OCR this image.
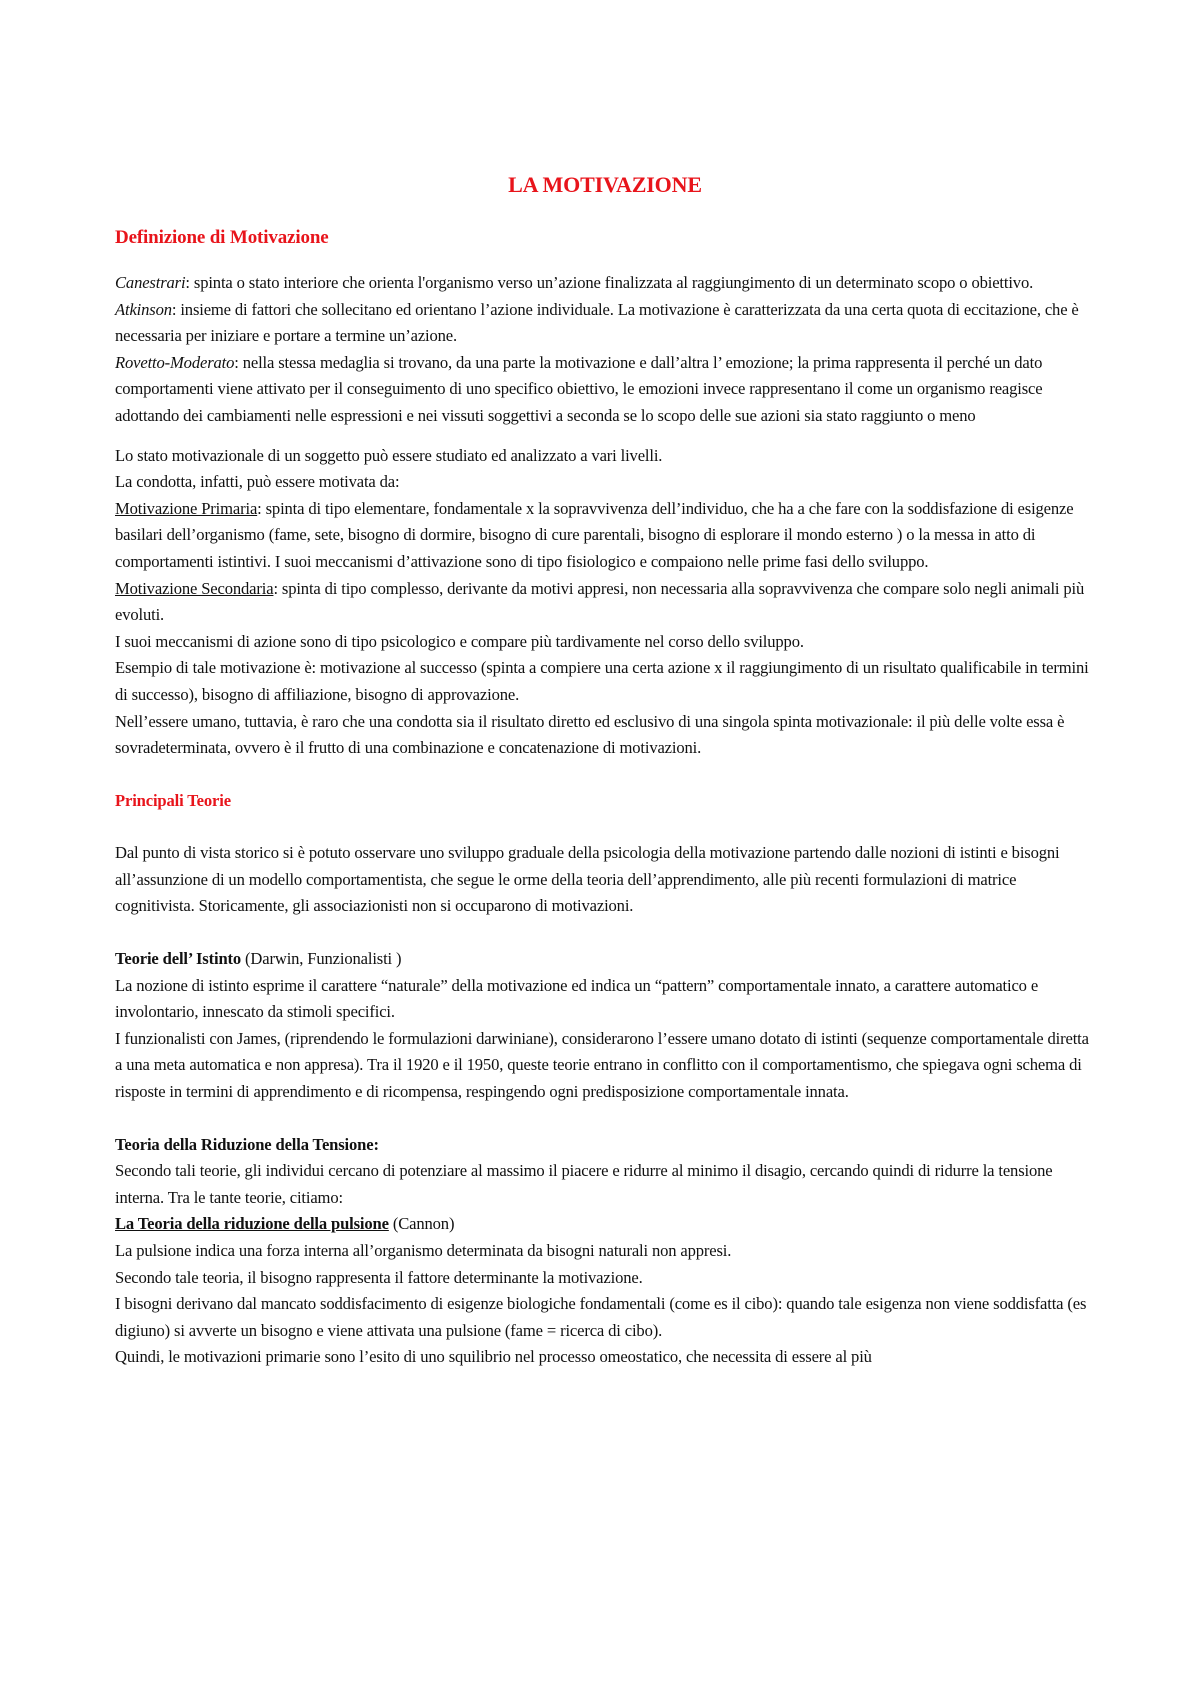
LA MOTIVAZIONE
Definizione di Motivazione

Canestrari: spinta o stato interiore che orienta l'organismo verso un’azione finalizzata al raggiungimento di un determinato scopo o obiettivo.

Atkinson: insieme di fattori che sollecitano ed orientano l’azione individuale. La motivazione è caratterizzata da una certa quota di eccitazione, che è necessaria per iniziare e portare a termine un’azione.

Rovetto-Moderato: nella stessa medaglia si trovano, da una parte la motivazione e dall’altra l’ emozione; la prima rappresenta il perché un dato comportamenti viene attivato per il conseguimento di uno specifico obiettivo, le emozioni invece rappresentano il come un organismo reagisce adottando dei cambiamenti nelle espressioni e nei vissuti soggettivi a seconda se lo scopo delle sue azioni sia stato raggiunto o meno

Lo stato motivazionale di un soggetto può essere studiato ed analizzato a vari livelli.

La condotta, infatti, può essere motivata da:

Motivazione Primaria: spinta di tipo elementare, fondamentale x la sopravvivenza dell’individuo, che ha a che fare con la soddisfazione di esigenze basilari dell’organismo (fame, sete, bisogno di dormire, bisogno di cure parentali, bisogno di esplorare il mondo esterno ) o la messa in atto di comportamenti istintivi. I suoi meccanismi d’attivazione sono di tipo fisiologico e compaiono nelle prime fasi dello sviluppo.

Motivazione Secondaria: spinta di tipo complesso, derivante da motivi appresi, non necessaria alla sopravvivenza che compare solo negli animali più evoluti.

I suoi meccanismi di azione sono di tipo psicologico e compare più tardivamente nel corso dello sviluppo.

Esempio di tale motivazione è: motivazione al successo (spinta a compiere una certa azione x il raggiungimento di un risultato qualificabile in termini di successo), bisogno di affiliazione, bisogno di approvazione.

Nell’essere umano, tuttavia, è raro che una condotta sia il risultato diretto ed esclusivo di una singola spinta motivazionale: il più delle volte essa è sovradeterminata, ovvero è il frutto di una combinazione e concatenazione di motivazioni.

Principali Teorie

Dal punto di vista storico si è potuto osservare uno sviluppo graduale della psicologia della motivazione partendo dalle nozioni di istinti e bisogni all’assunzione di un modello comportamentista, che segue le orme della teoria dell’apprendimento, alle più recenti formulazioni di matrice cognitivista. Storicamente, gli associazionisti non si occuparono di motivazioni.

Teorie dell’ Istinto (Darwin, Funzionalisti )

La nozione di istinto esprime il carattere “naturale” della motivazione ed indica un “pattern” comportamentale innato, a carattere automatico e involontario, innescato da stimoli specifici.

I funzionalisti con James, (riprendendo le formulazioni darwiniane), considerarono l’essere umano dotato di istinti (sequenze comportamentale diretta a una meta automatica e non appresa). Tra il 1920 e il 1950, queste teorie entrano in conflitto con il comportamentismo, che spiegava ogni schema di risposte in termini di apprendimento e di ricompensa, respingendo ogni predisposizione comportamentale innata.

Teoria della Riduzione della Tensione:

Secondo tali teorie, gli individui cercano di potenziare al massimo il piacere e ridurre al minimo il disagio, cercando quindi di ridurre la tensione interna. Tra le tante teorie, citiamo:

La Teoria della riduzione della pulsione (Cannon)

La pulsione indica una forza interna all’organismo determinata da bisogni naturali non appresi.

Secondo tale teoria, il bisogno rappresenta il fattore determinante la motivazione.

I bisogni derivano dal mancato soddisfacimento di esigenze biologiche fondamentali (come es il cibo): quando tale esigenza non viene soddisfatta (es digiuno) si avverte un bisogno e viene attivata una pulsione (fame = ricerca di cibo).

Quindi, le motivazioni primarie sono l’esito di uno squilibrio nel processo omeostatico, che necessita di essere al più
